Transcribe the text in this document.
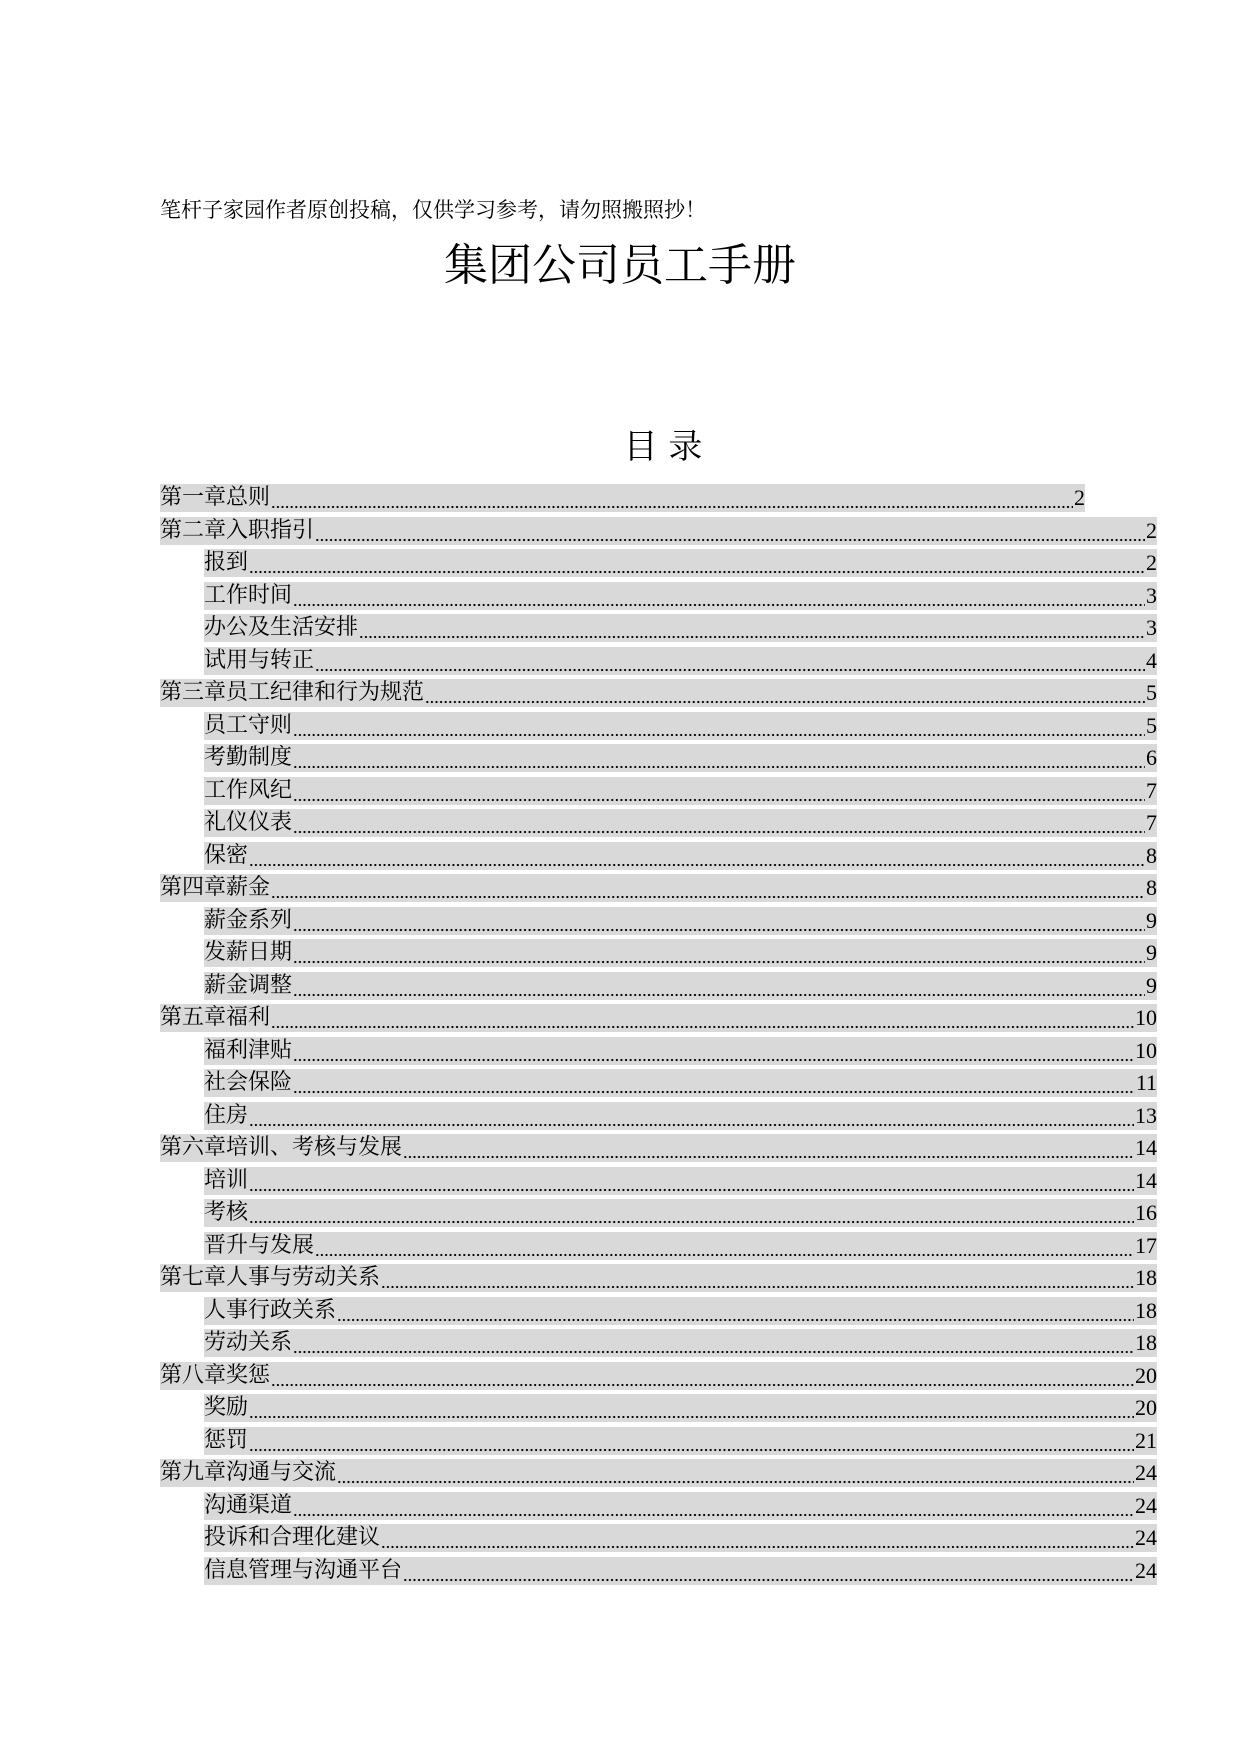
笔杆子家园作者原创投稿，仅供学习参考，请勿照搬照抄！
集团公司员工手册
目 录
第一章总则	2
第二章入职指引	2
报到	2
工作时间	3
办公及生活安排	3
试用与转正	4
第三章员工纪律和行为规范	5
员工守则	5
考勤制度	6
工作风纪	7
礼仪仪表	7
保密	8
第四章薪金	8
薪金系列	9
发薪日期	9
薪金调整	9
第五章福利	10
福利津贴	10
社会保险	11
住房	13
第六章培训、考核与发展	14
培训	14
考核	16
晋升与发展	17
第七章人事与劳动关系	18
人事行政关系	18
劳动关系	18
第八章奖惩	20
奖励	20
惩罚	21
第九章沟通与交流	24
沟通渠道	24
投诉和合理化建议	24
信息管理与沟通平台	24
